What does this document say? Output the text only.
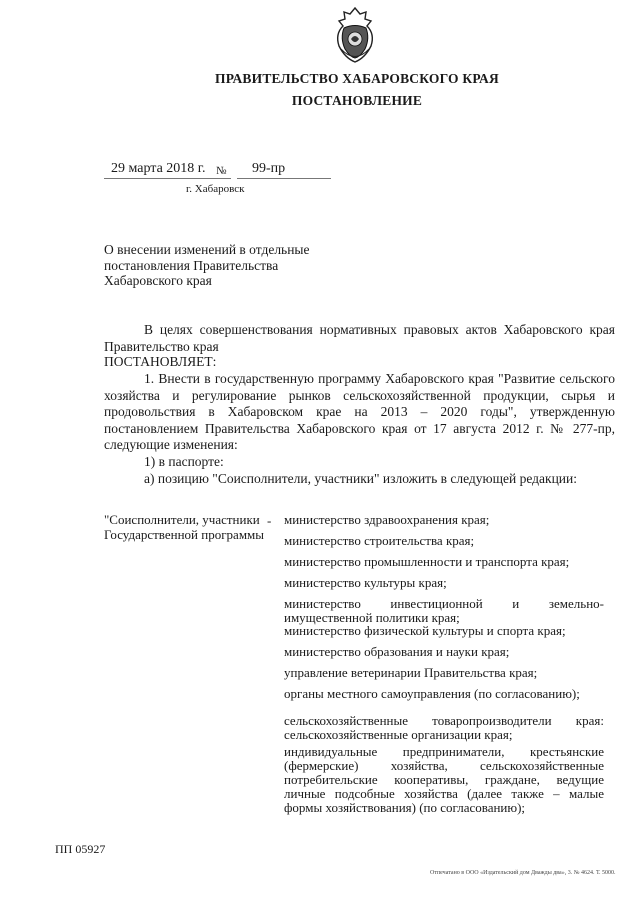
ПРАВИТЕЛЬСТВО ХАБАРОВСКОГО КРАЯ
ПОСТАНОВЛЕНИЕ
29 марта 2018 г. № 99-пр
г. Хабаровск
О внесении изменений в отдельные постановления Правительства Хабаровского края
В целях совершенствования нормативных правовых актов Хабаровского края Правительство края
ПОСТАНОВЛЯЕТ:
1. Внести в государственную программу Хабаровского края "Развитие сельского хозяйства и регулирование рынков сельскохозяйственной продукции, сырья и продовольствия в Хабаровском крае на 2013 – 2020 годы", утвержденную постановлением Правительства Хабаровского края от 17 августа 2012 г. № 277-пр, следующие изменения:
1) в паспорте:
а) позицию "Соисполнители, участники" изложить в следующей редакции:
"Соисполнители, участники Государственной программы
- министерство здравоохранения края;
министерство строительства края;
министерство промышленности и транспорта края;
министерство культуры края;
министерство инвестиционной и земельно-имущественной политики края;
министерство физической культуры и спорта края;
министерство образования и науки края;
управление ветеринарии Правительства края;
органы местного самоуправления (по согласованию);
сельскохозяйственные товаропроизводители края: сельскохозяйственные организации края;
индивидуальные предприниматели, крестьянские (фермерские) хозяйства, сельскохозяйственные потребительские кооперативы, граждане, ведущие личные подсобные хозяйства (далее также – малые формы хозяйствования) (по согласованию);
ПП 05927
Отпечатано в ООО «Издательский дом Дважды два», 3. № 4624. Т. 5000.
